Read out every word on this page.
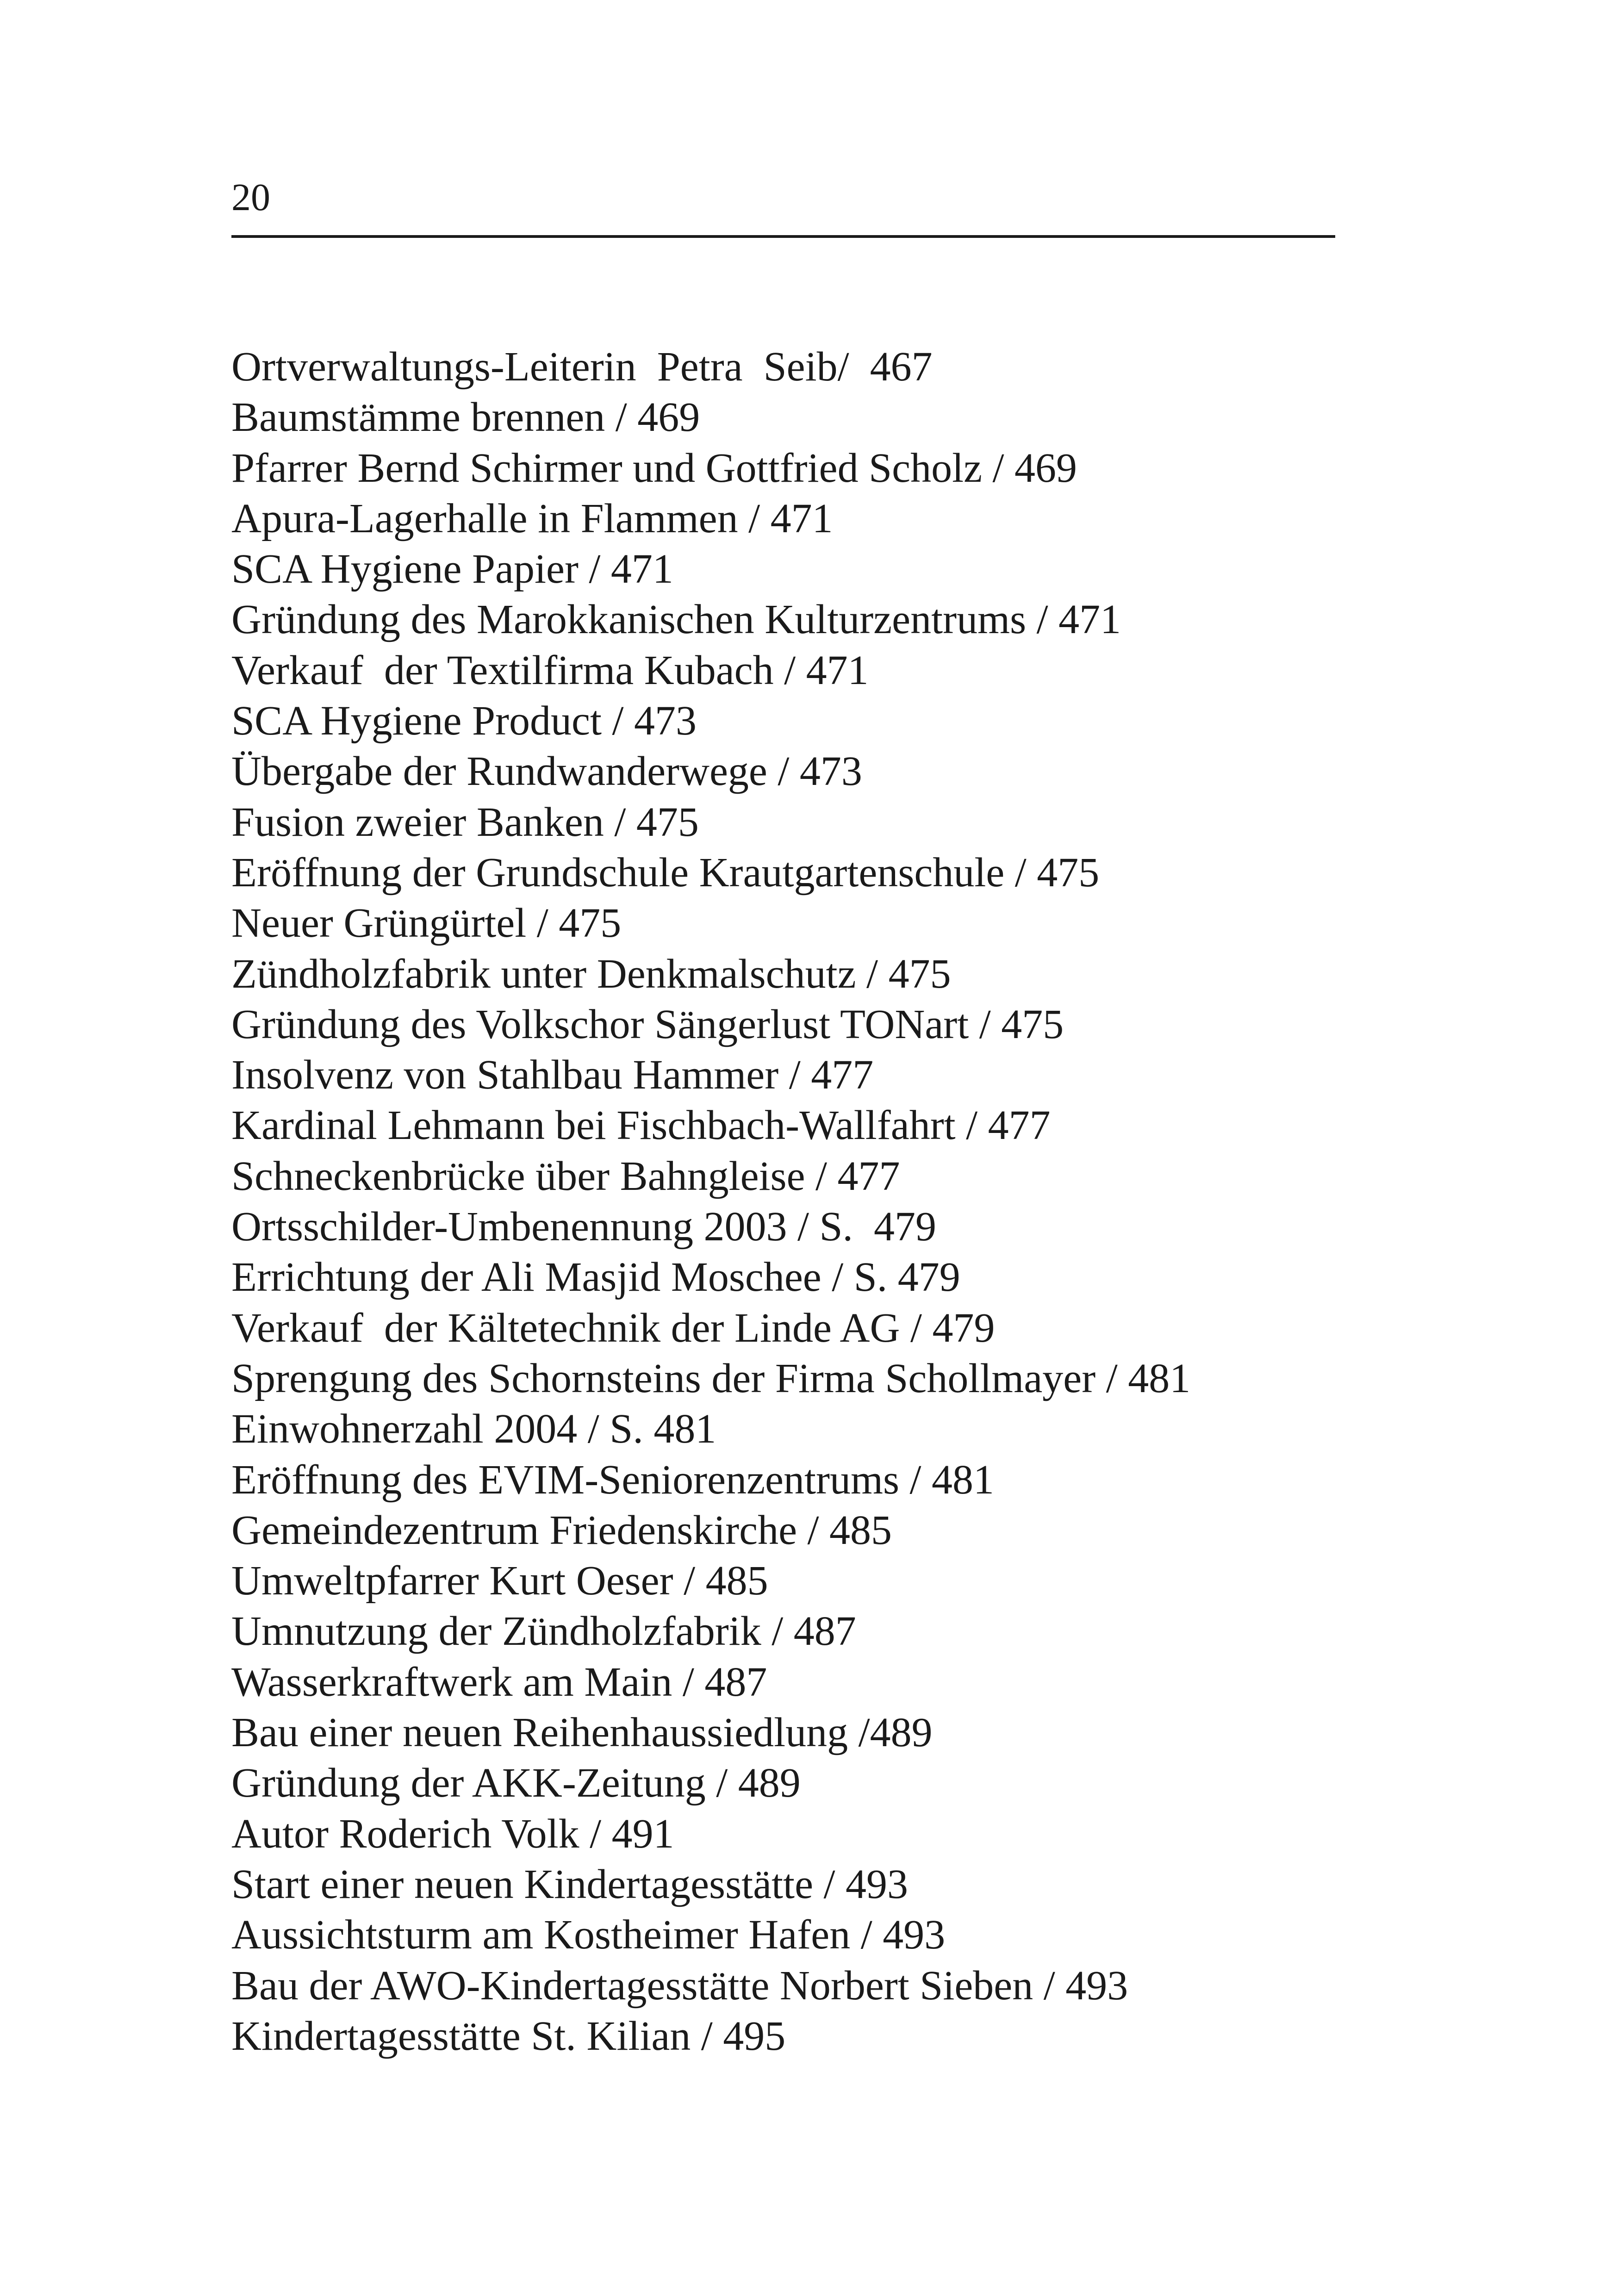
20
Ortverwaltungs-Leiterin  Petra  Seib/  467
Baumstämme brennen / 469
Pfarrer Bernd Schirmer und Gottfried Scholz / 469
Apura-Lagerhalle in Flammen / 471
SCA Hygiene Papier / 471
Gründung des Marokkanischen Kulturzentrums / 471
Verkauf  der Textilfirma Kubach / 471
SCA Hygiene Product / 473
Übergabe der Rundwanderwege / 473
Fusion zweier Banken / 475
Eröffnung der Grundschule Krautgartenschule / 475
Neuer Grüngürtel / 475
Zündholzfabrik unter Denkmalschutz / 475
Gründung des Volkschor Sängerlust TONart / 475
Insolvenz von Stahlbau Hammer / 477
Kardinal Lehmann bei Fischbach-Wallfahrt / 477
Schneckenbrücke über Bahngleise / 477
Ortsschilder-Umbenennung 2003 / S.  479
Errichtung der Ali Masjid Moschee / S. 479
Verkauf  der Kältetechnik der Linde AG / 479
Sprengung des Schornsteins der Firma Schollmayer / 481
Einwohnerzahl 2004 / S. 481
Eröffnung des EVIM-Seniorenzentrums / 481
Gemeindezentrum Friedenskirche / 485
Umweltpfarrer Kurt Oeser / 485
Umnutzung der Zündholzfabrik / 487
Wasserkraftwerk am Main / 487
Bau einer neuen Reihenhaussiedlung /489
Gründung der AKK-Zeitung / 489
Autor Roderich Volk / 491
Start einer neuen Kindertagesstätte / 493
Aussichtsturm am Kostheimer Hafen / 493
Bau der AWO-Kindertagesstätte Norbert Sieben / 493
Kindertagesstätte St. Kilian / 495
